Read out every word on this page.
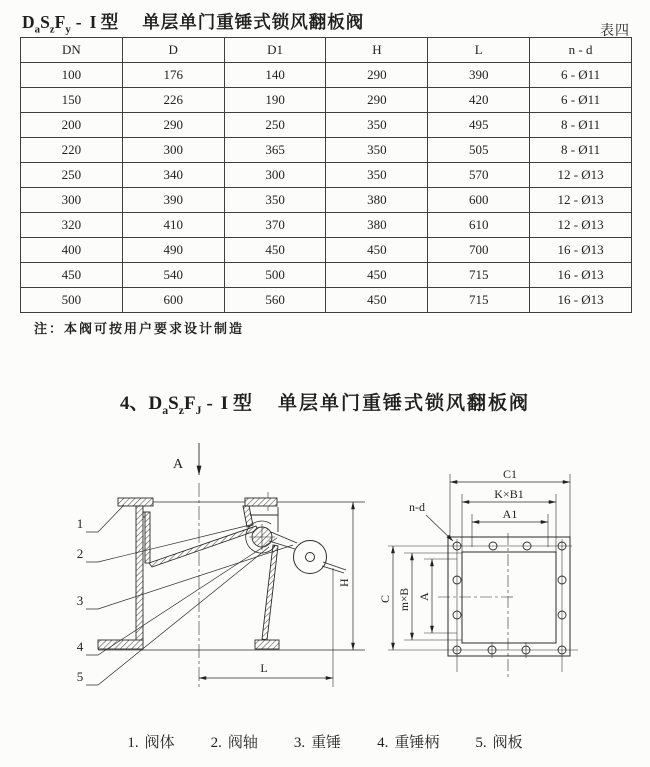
$D_aS_zF_y$ - I 型 单层单门重锤式锁风翻板阀	表四
DN	D	D1	H	L	n - d
100	176	140	290	390	6 - Ø11
150	226	190	290	420	6 - Ø11
200	290	250	350	495	8 - Ø11
220	300	365	350	505	8 - Ø11
250	340	300	350	570	12 - Ø13
300	390	350	380	600	12 - Ø13
320	410	370	380	610	12 - Ø13
400	490	450	450	700	16 - Ø13
450	540	500	450	715	16 - Ø13
500	600	560	450	715	16 - Ø13
注：本阀可按用户要求设计制造
4、$D_aS_zF_J$ - I 型 单层单门重锤式锁风翻板阀
A
H
L
1
2
3
4
5
C1
K×B1
A1
n-d
C m×B A
1. 阀体 2. 阀轴 3. 重锤 4. 重锤柄 5. 阀板
